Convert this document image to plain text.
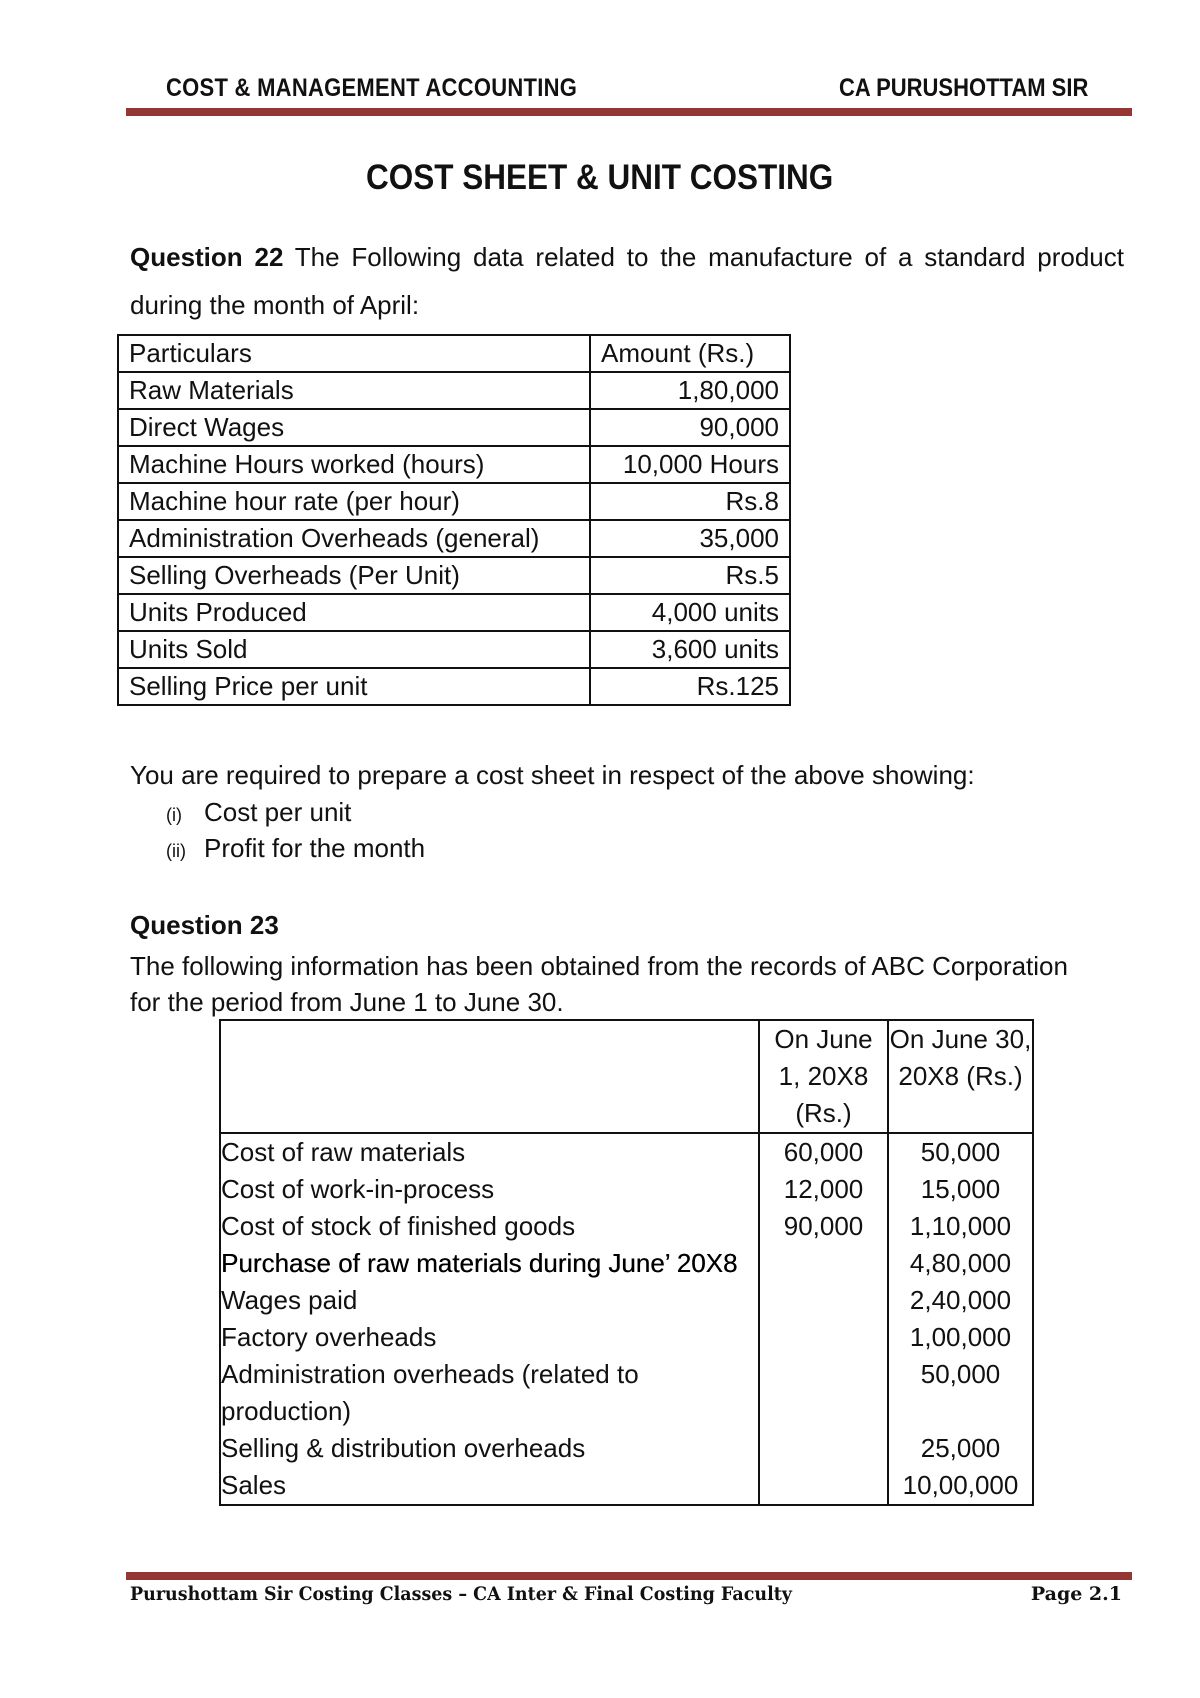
COST & MANAGEMENT ACCOUNTING	CA PURUSHOTTAM SIR
COST SHEET & UNIT COSTING
Question 22 The Following data related to the manufacture of a standard product during the month of April:
Particulars	Amount (Rs.)
Raw Materials	1,80,000
Direct Wages	90,000
Machine Hours worked (hours)	10,000 Hours
Machine hour rate (per hour)	Rs.8
Administration Overheads (general)	35,000
Selling Overheads (Per Unit)	Rs.5
Units Produced	4,000 units
Units Sold	3,600 units
Selling Price per unit	Rs.125
You are required to prepare a cost sheet in respect of the above showing:
(i) Cost per unit
(ii) Profit for the month
Question 23
The following information has been obtained from the records of ABC Corporation for the period from June 1 to June 30.
	On June 1, 20X8 (Rs.)	On June 30, 20X8 (Rs.)
Cost of raw materials	60,000	50,000
Cost of work-in-process	12,000	15,000
Cost of stock of finished goods	90,000	1,10,000
Purchase of raw materials during June’ 20X8		4,80,000
Wages paid		2,40,000
Factory overheads		1,00,000
Administration overheads (related to production)		50,000
Selling & distribution overheads		25,000
Sales		10,00,000
Purushottam Sir Costing Classes – CA Inter & Final Costing Faculty	Page 2.1
